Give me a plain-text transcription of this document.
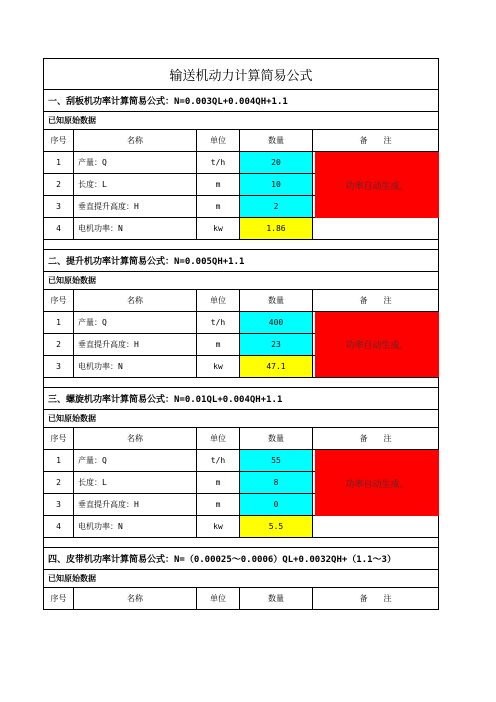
输送机动力计算简易公式
一、刮板机功率计算简易公式：N=0.003QL+0.004QH+1.1
已知原始数据
序号	名称	单位	数量	备　　注
1	产量：Q	t/h	20
2	长度：L	m	10
3	垂直提升高度：H	m	2
4	电机功率：N	kw	1.86
功率自动生成。
二、提升机功率计算简易公式：N=0.005QH+1.1
已知原始数据
序号	名称	单位	数量	备　　注
1	产量：Q	t/h	400
2	垂直提升高度：H	m	23
3	电机功率：N	kw	47.1
功率自动生成。
三、螺旋机功率计算简易公式：N=0.01QL+0.004QH+1.1
已知原始数据
序号	名称	单位	数量	备　　注
1	产量：Q	t/h	55
2	长度：L	m	8
3	垂直提升高度：H	m	0
4	电机功率：N	kw	5.5
功率自动生成。
四、皮带机功率计算简易公式：N=（0.00025～0.0006）QL+0.0032QH+（1.1～3）
已知原始数据
序号	名称	单位	数量	备　　注
